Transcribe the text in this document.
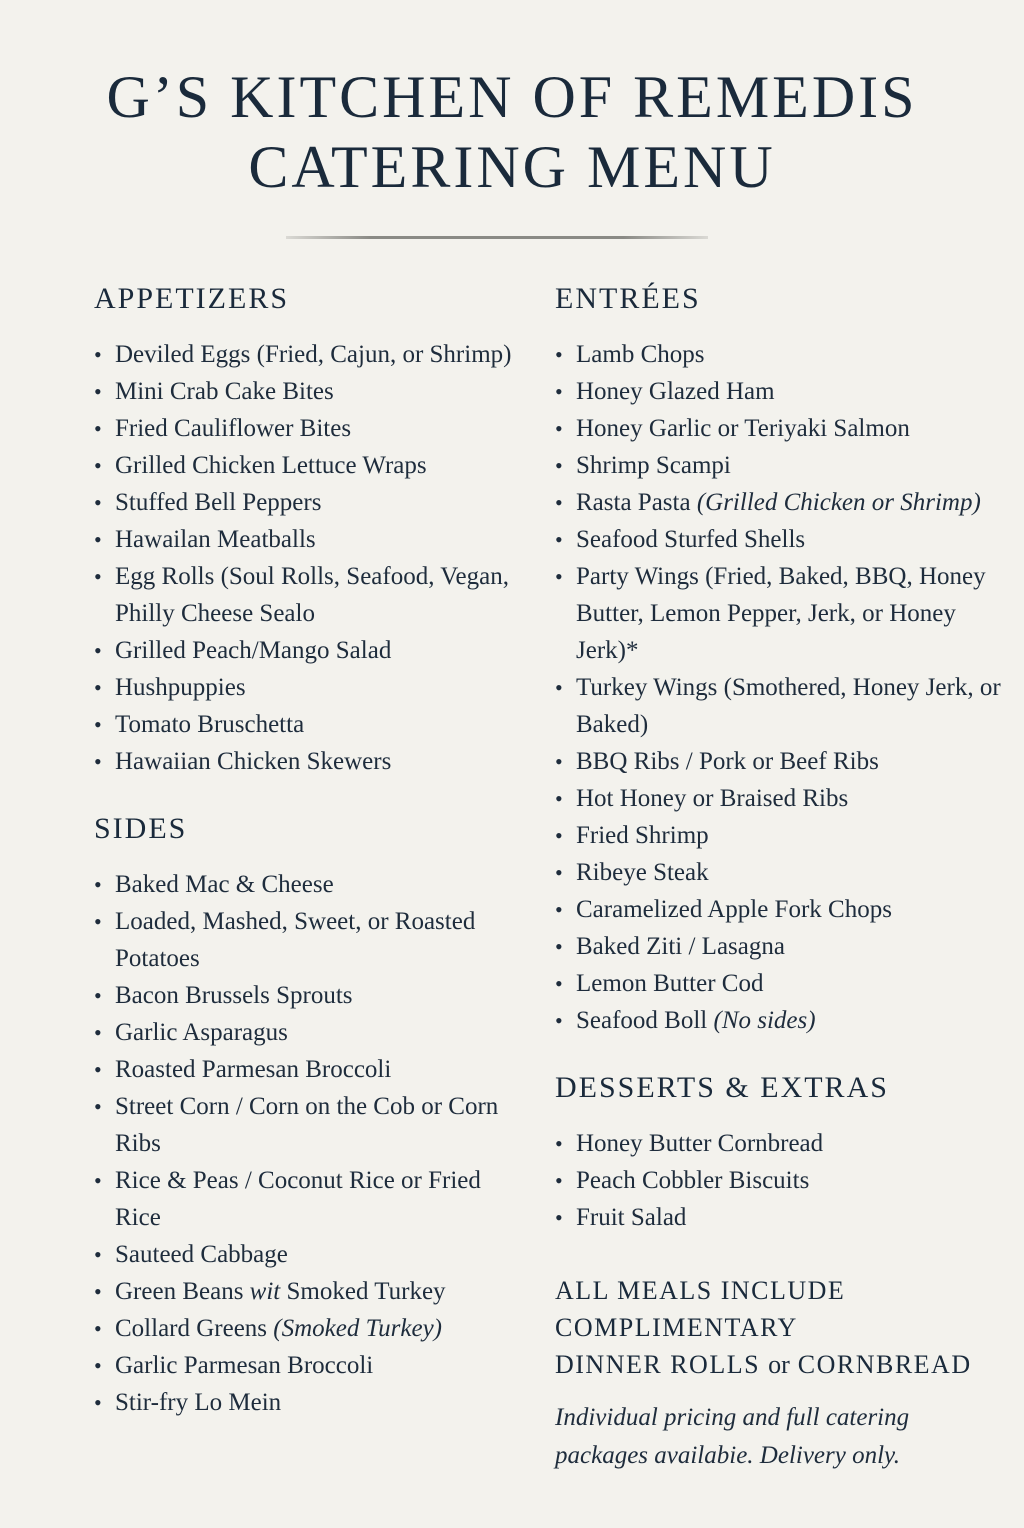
G’S KITCHEN OF REMEDIS
CATERING MENU
APPETIZERS
• Deviled Eggs (Fried, Cajun, or Shrimp)
• Mini Crab Cake Bites
• Fried Cauliflower Bites
• Grilled Chicken Lettuce Wraps
• Stuffed Bell Peppers
• Hawailan Meatballs
• Egg Rolls (Soul Rolls, Seafood, Vegan, Philly Cheese Sealo
• Grilled Peach/Mango Salad
• Hushpuppies
• Tomato Bruschetta
• Hawaiian Chicken Skewers
SIDES
• Baked Mac & Cheese
• Loaded, Mashed, Sweet, or Roasted Potatoes
• Bacon Brussels Sprouts
• Garlic Asparagus
• Roasted Parmesan Broccoli
• Street Corn / Corn on the Cob or Corn Ribs
• Rice & Peas / Coconut Rice or Fried Rice
• Sauteed Cabbage
• Green Beans wit Smoked Turkey
• Collard Greens (Smoked Turkey)
• Garlic Parmesan Broccoli
• Stir-fry Lo Mein
ENTRÉES
• Lamb Chops
• Honey Glazed Ham
• Honey Garlic or Teriyaki Salmon
• Shrimp Scampi
• Rasta Pasta (Grilled Chicken or Shrimp)
• Seafood Sturfed Shells
• Party Wings (Fried, Baked, BBQ, Honey Butter, Lemon Pepper, Jerk, or Honey Jerk)*
• Turkey Wings (Smothered, Honey Jerk, or Baked)
• BBQ Ribs / Pork or Beef Ribs
• Hot Honey or Braised Ribs
• Fried Shrimp
• Ribeye Steak
• Caramelized Apple Fork Chops
• Baked Ziti / Lasagna
• Lemon Butter Cod
• Seafood Boll (No sides)
DESSERTS & EXTRAS
• Honey Butter Cornbread
• Peach Cobbler Biscuits
• Fruit Salad
ALL MEALS INCLUDE
COMPLIMENTARY
DINNER ROLLS or CORNBREAD
Individual pricing and full catering packages availabie. Delivery only.
